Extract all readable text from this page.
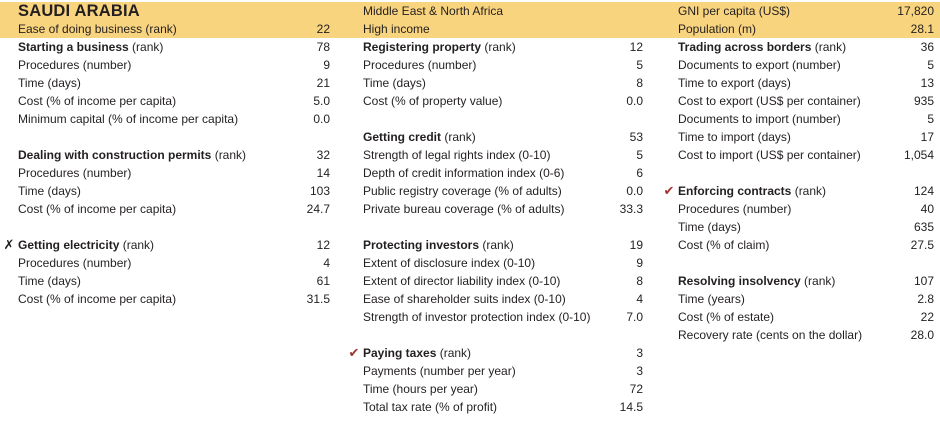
SAUDI ARABIA
Ease of doing business (rank)	22
Starting a business (rank)	78
Procedures (number)	9
Time (days)	21
Cost (% of income per capita)	5.0
Minimum capital (% of income per capita)	0.0
Dealing with construction permits (rank)	32
Procedures (number)	14
Time (days)	103
Cost (% of income per capita)	24.7
✗ Getting electricity (rank)	12
Procedures (number)	4
Time (days)	61
Cost (% of income per capita)	31.5
Middle East & North Africa
High income
Registering property (rank)	12
Procedures (number)	5
Time (days)	8
Cost (% of property value)	0.0
Getting credit (rank)	53
Strength of legal rights index (0-10)	5
Depth of credit information index (0-6)	6
Public registry coverage (% of adults)	0.0
Private bureau coverage (% of adults)	33.3
Protecting investors (rank)	19
Extent of disclosure index (0-10)	9
Extent of director liability index (0-10)	8
Ease of shareholder suits index (0-10)	4
Strength of investor protection index (0-10)	7.0
✔ Paying taxes (rank)	3
Payments (number per year)	3
Time (hours per year)	72
Total tax rate (% of profit)	14.5
GNI per capita (US$)	17,820
Population (m)	28.1
Trading across borders (rank)	36
Documents to export (number)	5
Time to export (days)	13
Cost to export (US$ per container)	935
Documents to import (number)	5
Time to import (days)	17
Cost to import (US$ per container)	1,054
✔ Enforcing contracts (rank)	124
Procedures (number)	40
Time (days)	635
Cost (% of claim)	27.5
Resolving insolvency (rank)	107
Time (years)	2.8
Cost (% of estate)	22
Recovery rate (cents on the dollar)	28.0
